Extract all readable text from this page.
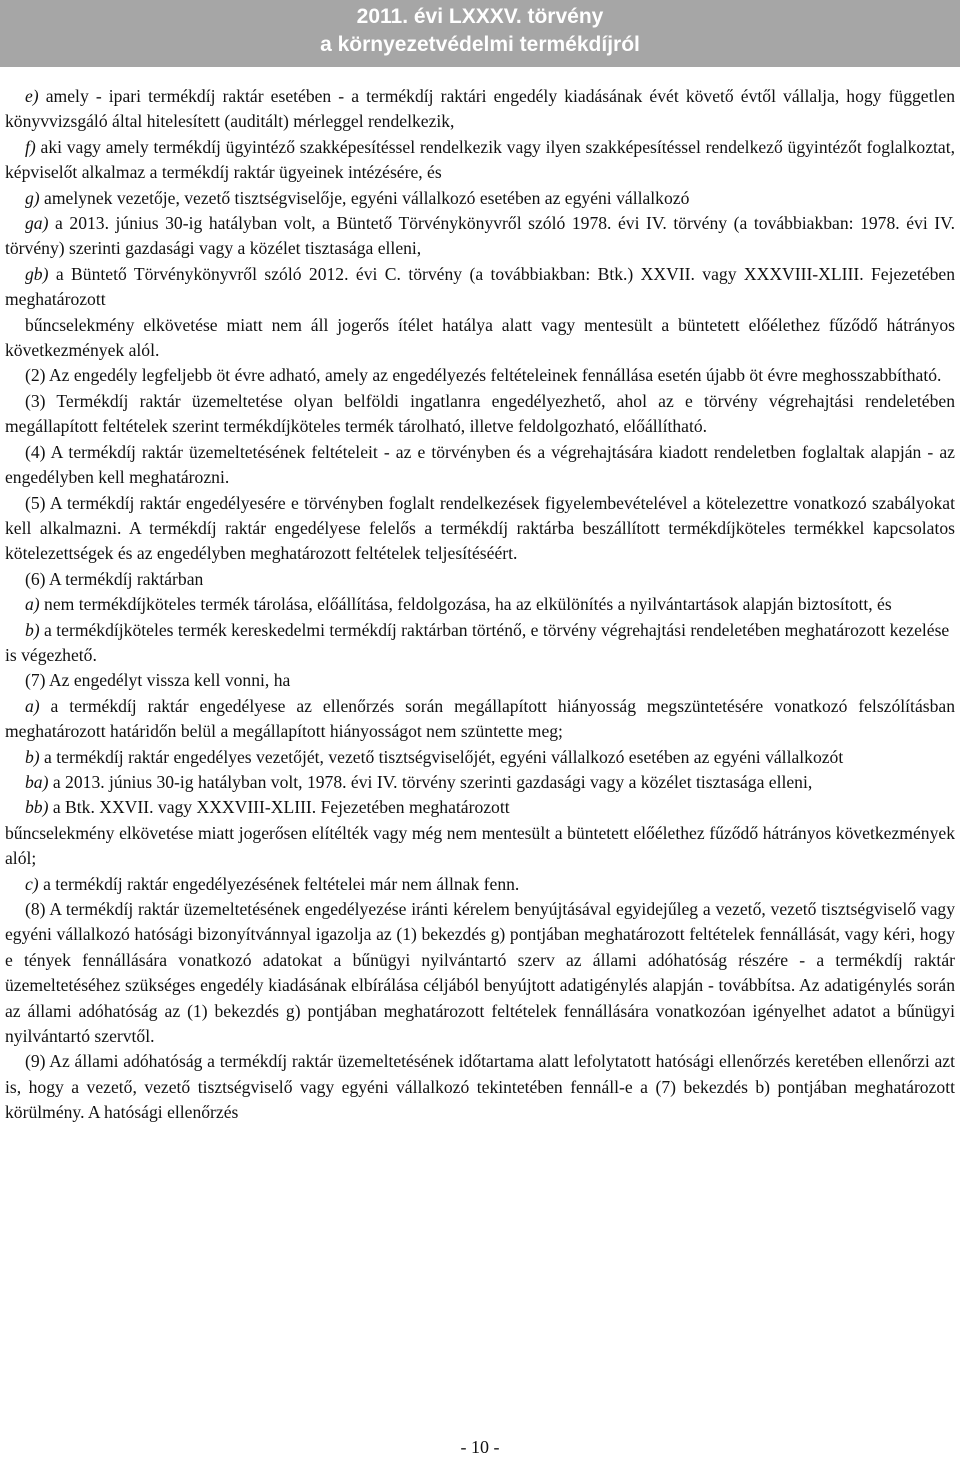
2011. évi LXXXV. törvény
a környezetvédelmi termékdíjról

e) amely - ipari termékdíj raktár esetében - a termékdíj raktári engedély kiadásának évét követő évtől vállalja, hogy független könyvvizsgáló által hitelesített (auditált) mérleggel rendelkezik,

f) aki vagy amely termékdíj ügyintéző szakképesítéssel rendelkezik vagy ilyen szakképesítéssel rendelkező ügyintézőt foglalkoztat, képviselőt alkalmaz a termékdíj raktár ügyeinek intézésére, és

g) amelynek vezetője, vezető tisztségviselője, egyéni vállalkozó esetében az egyéni vállalkozó

ga) a 2013. június 30-ig hatályban volt, a Büntető Törvénykönyvről szóló 1978. évi IV. törvény (a továbbiakban: 1978. évi IV. törvény) szerinti gazdasági vagy a közélet tisztasága elleni,

gb) a Büntető Törvénykönyvről szóló 2012. évi C. törvény (a továbbiakban: Btk.) XXVII. vagy XXXVIII-XLIII. Fejezetében meghatározott

bűncselekmény elkövetése miatt nem áll jogerős ítélet hatálya alatt vagy mentesült a büntetett előélethez fűződő hátrányos következmények alól.

(2) Az engedély legfeljebb öt évre adható, amely az engedélyezés feltételeinek fennállása esetén újabb öt évre meghosszabbítható.

(3) Termékdíj raktár üzemeltetése olyan belföldi ingatlanra engedélyezhető, ahol az e törvény végrehajtási rendeletében megállapított feltételek szerint termékdíjköteles termék tárolható, illetve feldolgozható, előállítható.

(4) A termékdíj raktár üzemeltetésének feltételeit - az e törvényben és a végrehajtására kiadott rendeletben foglaltak alapján - az engedélyben kell meghatározni.

(5) A termékdíj raktár engedélyesére e törvényben foglalt rendelkezések figyelembevételével a kötelezettre vonatkozó szabályokat kell alkalmazni. A termékdíj raktár engedélyese felelős a termékdíj raktárba beszállított termékdíjköteles termékkel kapcsolatos kötelezettségek és az engedélyben meghatározott feltételek teljesítéséért.

(6) A termékdíj raktárban

a) nem termékdíjköteles termék tárolása, előállítása, feldolgozása, ha az elkülönítés a nyilvántartások alapján biztosított, és

b) a termékdíjköteles termék kereskedelmi termékdíj raktárban történő, e törvény végrehajtási rendeletében meghatározott kezelése

is végezhető.

(7) Az engedélyt vissza kell vonni, ha

a) a termékdíj raktár engedélyese az ellenőrzés során megállapított hiányosság megszüntetésére vonatkozó felszólításban meghatározott határidőn belül a megállapított hiányosságot nem szüntette meg;

b) a termékdíj raktár engedélyes vezetőjét, vezető tisztségviselőjét, egyéni vállalkozó esetében az egyéni vállalkozót

ba) a 2013. június 30-ig hatályban volt, 1978. évi IV. törvény szerinti gazdasági vagy a közélet tisztasága elleni,

bb) a Btk. XXVII. vagy XXXVIII-XLIII. Fejezetében meghatározott

bűncselekmény elkövetése miatt jogerősen elítélték vagy még nem mentesült a büntetett előélethez fűződő hátrányos következmények alól;

c) a termékdíj raktár engedélyezésének feltételei már nem állnak fenn.

(8) A termékdíj raktár üzemeltetésének engedélyezése iránti kérelem benyújtásával egyidejűleg a vezető, vezető tisztségviselő vagy egyéni vállalkozó hatósági bizonyítvánnyal igazolja az (1) bekezdés g) pontjában meghatározott feltételek fennállását, vagy kéri, hogy e tények fennállására vonatkozó adatokat a bűnügyi nyilvántartó szerv az állami adóhatóság részére - a termékdíj raktár üzemeltetéséhez szükséges engedély kiadásának elbírálása céljából benyújtott adatigénylés alapján - továbbítsa. Az adatigénylés során az állami adóhatóság az (1) bekezdés g) pontjában meghatározott feltételek fennállására vonatkozóan igényelhet adatot a bűnügyi nyilvántartó szervtől.

(9) Az állami adóhatóság a termékdíj raktár üzemeltetésének időtartama alatt lefolytatott hatósági ellenőrzés keretében ellenőrzi azt is, hogy a vezető, vezető tisztségviselő vagy egyéni vállalkozó tekintetében fennáll-e a (7) bekezdés b) pontjában meghatározott körülmény. A hatósági ellenőrzés

- 10 -
